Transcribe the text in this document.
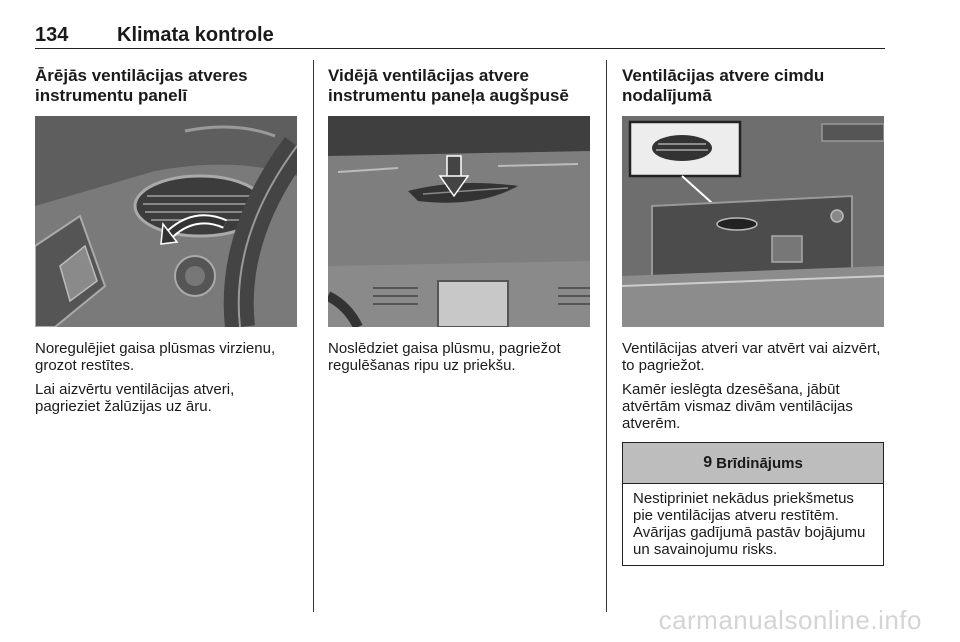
134 Klimata kontrole
Ārējās ventilācijas atveres instrumentu panelī

Noregulējiet gaisa plūsmas virzienu, grozot restītes.

Lai aizvērtu ventilācijas atveri, pagrieziet žalūzijas uz āru.

Vidējā ventilācijas atvere instrumentu paneļa augšpusē

Noslēdziet gaisa plūsmu, pagriežot regulēšanas ripu uz priekšu.

Ventilācijas atvere cimdu nodalījumā

Ventilācijas atveri var atvērt vai aizvērt, to pagriežot.

Kamēr ieslēgta dzesēšana, jābūt atvērtām vismaz divām ventilācijas atverēm.

9 Brīdinājums
Nestipriniet nekādus priekšmetus pie ventilācijas atveru restītēm. Avārijas gadījumā pastāv bojājumu un savainojumu risks.
carmanualsonline.info
